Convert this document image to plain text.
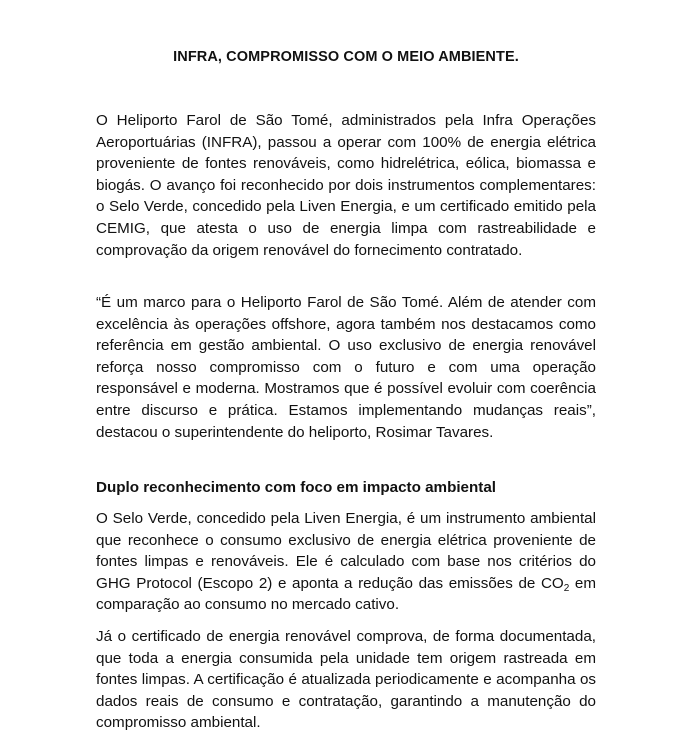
INFRA, COMPROMISSO COM O MEIO AMBIENTE.

O Heliporto Farol de São Tomé, administrados pela Infra Operações Aeroportuárias (INFRA), passou a operar com 100% de energia elétrica proveniente de fontes renováveis, como hidrelétrica, eólica, biomassa e biogás. O avanço foi reconhecido por dois instrumentos complementares: o Selo Verde, concedido pela Liven Energia, e um certificado emitido pela CEMIG, que atesta o uso de energia limpa com rastreabilidade e comprovação da origem renovável do fornecimento contratado.

“É um marco para o Heliporto Farol de São Tomé. Além de atender com excelência às operações offshore, agora também nos destacamos como referência em gestão ambiental. O uso exclusivo de energia renovável reforça nosso compromisso com o futuro e com uma operação responsável e moderna. Mostramos que é possível evoluir com coerência entre discurso e prática. Estamos implementando mudanças reais”, destacou o superintendente do heliporto, Rosimar Tavares.

Duplo reconhecimento com foco em impacto ambiental

O Selo Verde, concedido pela Liven Energia, é um instrumento ambiental que reconhece o consumo exclusivo de energia elétrica proveniente de fontes limpas e renováveis. Ele é calculado com base nos critérios do GHG Protocol (Escopo 2) e aponta a redução das emissões de $CO_2$ em comparação ao consumo no mercado cativo.

Já o certificado de energia renovável comprova, de forma documentada, que toda a energia consumida pela unidade tem origem rastreada em fontes limpas. A certificação é atualizada periodicamente e acompanha os dados reais de consumo e contratação, garantindo a manutenção do compromisso ambiental.
